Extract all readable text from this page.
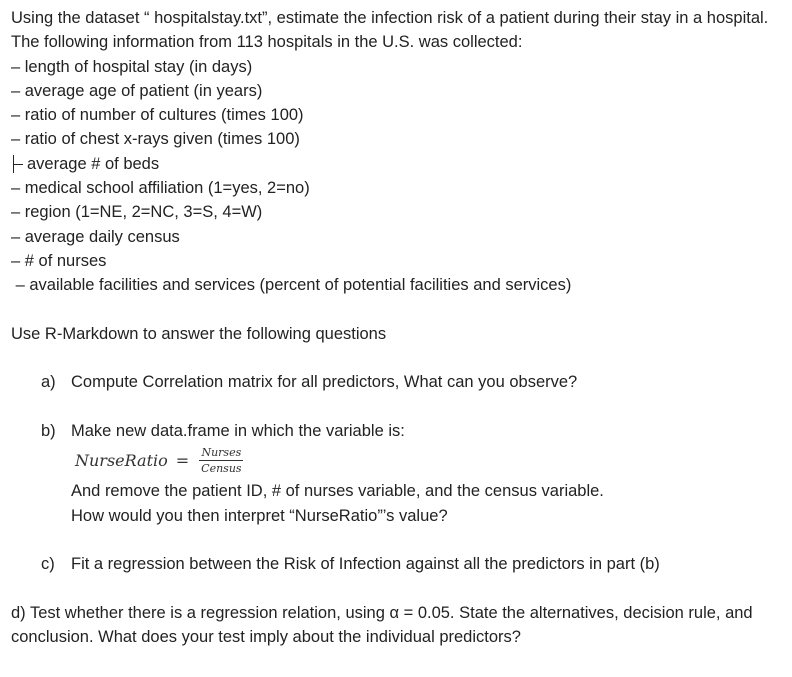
Using the dataset “ hospitalstay.txt”, estimate the infection risk of a patient during their stay in a hospital.
The following information from 113 hospitals in the U.S. was collected:
– length of hospital stay (in days)
– average age of patient (in years)
– ratio of number of cultures (times 100)
– ratio of chest x-rays given (times 100)
average # of beds
– medical school affiliation (1=yes, 2=no)
– region (1=NE, 2=NC, 3=S, 4=W)
– average daily census
– # of nurses
– available facilities and services (percent of potential facilities and services)
Use R-Markdown to answer the following questions
a) Compute Correlation matrix for all predictors, What can you observe?
b) Make new data.frame in which the variable is:
NurseRatio = $\frac{\text{Nurses}}{\text{Census}}$
And remove the patient ID, # of nurses variable, and the census variable.
How would you then interpret “NurseRatio”’s value?
c) Fit a regression between the Risk of Infection against all the predictors in part (b)
d) Test whether there is a regression relation, using α = 0.05. State the alternatives, decision rule, and conclusion. What does your test imply about the individual predictors?
